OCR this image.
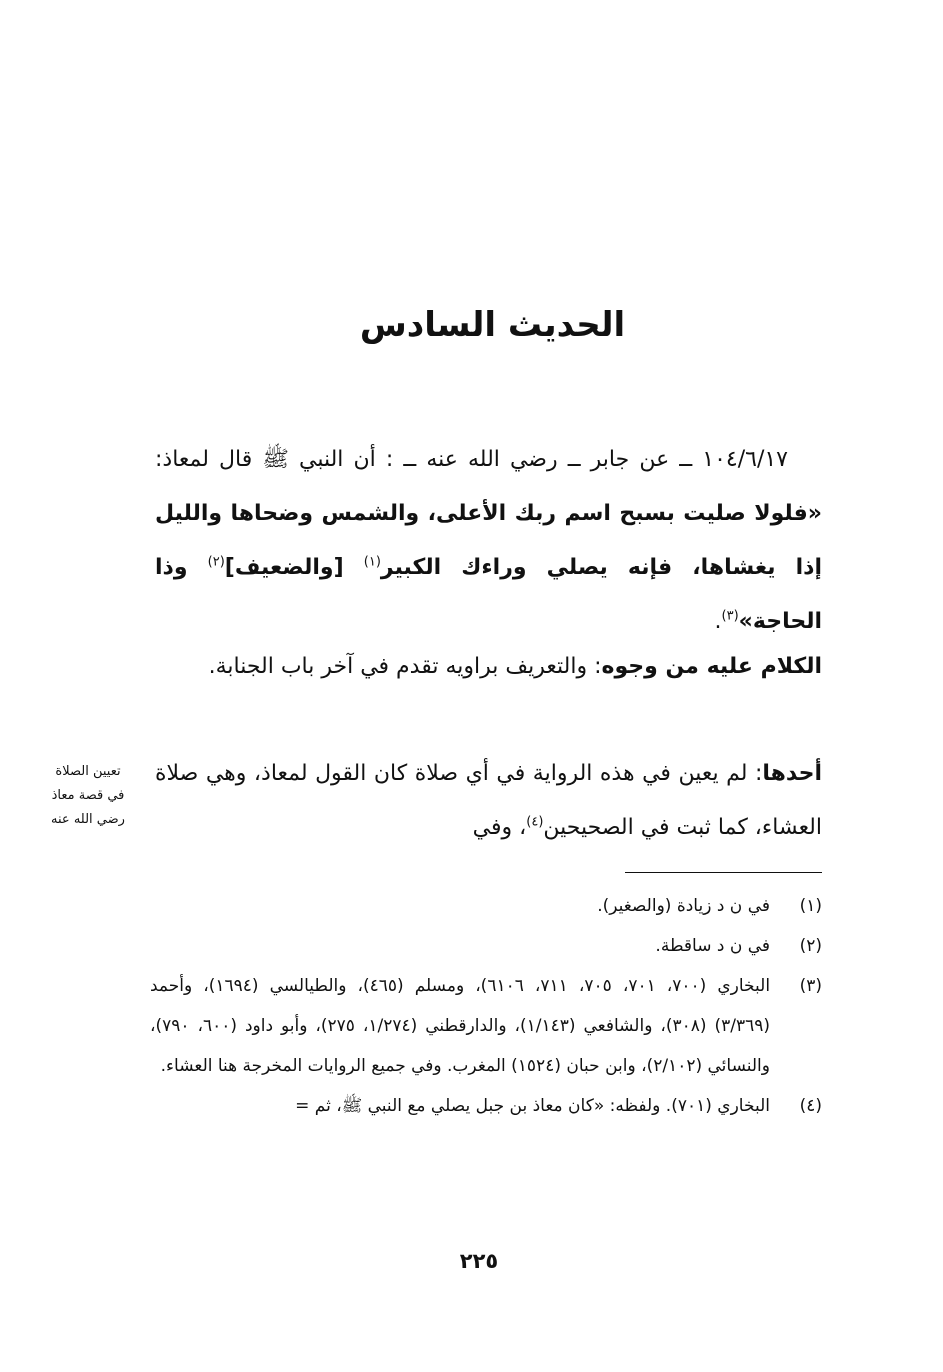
الحديث السادس
١٠٤/٦/١٧ ــ عن جابر ــ رضي الله عنه ــ : أن النبي ﷺ قال لمعاذ: «فلولا صليت بسبح اسم ربك الأعلى، والشمس وضحاها والليل إذا يغشاها، فإنه يصلي وراءك الكبير$^{(١)}$ [والضعيف]$^{(٢)}$ وذا الحاجة»$^{(٣)}$.
الكلام عليه من وجوه: والتعريف براويه تقدم في آخر باب الجنابة.
أحدها: لم يعين في هذه الرواية في أي صلاة كان القول لمعاذ، وهي صلاة العشاء، كما ثبت في الصحيحين$^{(٤)}$، وفي
تعيين الصلاة
في قصة معاذ
رضي الله عنه
(١)
في ن د زيادة (والصغير).
(٢)
في ن د ساقطة.
(٣)
البخاري (٧٠٠، ٧٠١، ٧٠٥، ٧١١، ٦١٠٦)، ومسلم (٤٦٥)، والطيالسي (١٦٩٤)، وأحمد (٣/٣٦٩) (٣٠٨)، والشافعي (١/١٤٣)، والدارقطني (١/٢٧٤، ٢٧٥)، وأبو داود (٦٠٠، ٧٩٠)، والنسائي (٢/١٠٢)، وابن حبان (١٥٢٤) المغرب. وفي جميع الروايات المخرجة هنا العشاء.
(٤)
البخاري (٧٠١). ولفظه: «كان معاذ بن جبل يصلي مع النبي ﷺ، ثم =
٢٢٥
